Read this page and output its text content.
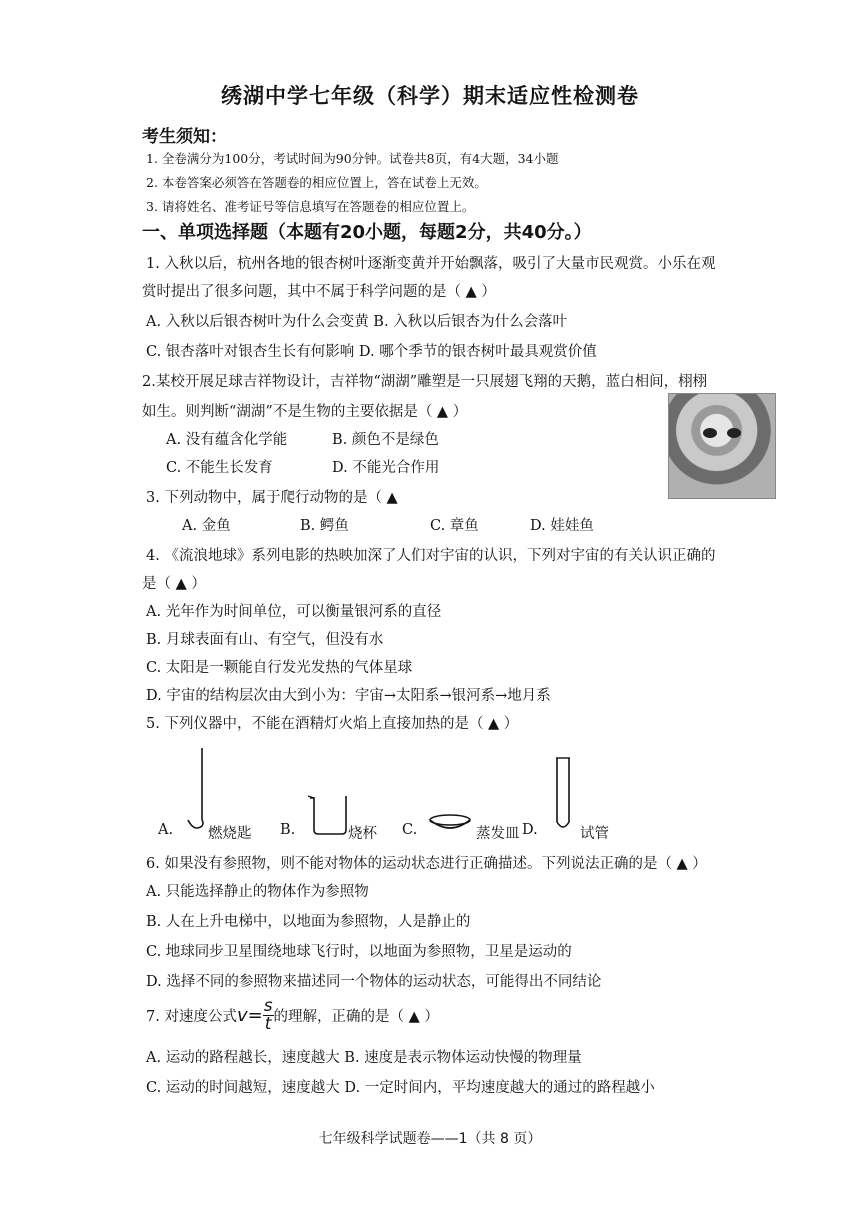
绣湖中学七年级（科学）期末适应性检测卷
考生须知：
1. 全卷满分为100分，考试时间为90分钟。试卷共8页，有4大题，34小题
2. 本卷答案必须答在答题卷的相应位置上，答在试卷上无效。
3. 请将姓名、准考证号等信息填写在答题卷的相应位置上。
一、单项选择题（本题有20小题，每题2分，共40分。）
1. 入秋以后，杭州各地的银杏树叶逐渐变黄并开始飘落，吸引了大量市民观赏。小乐在观
赏时提出了很多问题，其中不属于科学问题的是（ ▲ ）
A. 入秋以后银杏树叶为什么会变黄 B. 入秋以后银杏为什么会落叶
C. 银杏落叶对银杏生长有何影响 D. 哪个季节的银杏树叶最具观赏价值
2.某校开展足球吉祥物设计，吉祥物“湖湖”雕塑是一只展翅飞翔的天鹅，蓝白相间，栩栩
如生。则判断“湖湖”不是生物的主要依据是（ ▲ ）
A. 没有蕴含化学能	B. 颜色不是绿色
C. 不能生长发育	D. 不能光合作用
3. 下列动物中，属于爬行动物的是（ ▲
A. 金鱼	B. 鳄鱼	C. 章鱼	D. 娃娃鱼
4. 《流浪地球》系列电影的热映加深了人们对宇宙的认识，下列对宇宙的有关认识正确的
是（ ▲ ）
A. 光年作为时间单位，可以衡量银河系的直径
B. 月球表面有山、有空气，但没有水
C. 太阳是一颗能自行发光发热的气体星球
D. 宇宙的结构层次由大到小为：宇宙→太阳系→银河系→地月系
5. 下列仪器中，不能在酒精灯火焰上直接加热的是（ ▲ ）
A. 燃烧匙 B.	烧杯 C.	蒸发皿 D.	试管
6. 如果没有参照物，则不能对物体的运动状态进行正确描述。下列说法正确的是（ ▲ ）
A. 只能选择静止的物体作为参照物
B. 人在上升电梯中，以地面为参照物，人是静止的
C. 地球同步卫星围绕地球飞行时，以地面为参照物，卫星是运动的
D. 选择不同的参照物来描述同一个物体的运动状态，可能得出不同结论
7. 对速度公式 $v= \frac{s}{t}$ 的理解，正确的是（ ▲ ）
A. 运动的路程越长，速度越大 B. 速度是表示物体运动快慢的物理量
C. 运动的时间越短，速度越大 D. 一定时间内，平均速度越大的通过的路程越小
七年级科学试题卷——1（共 8 页）
